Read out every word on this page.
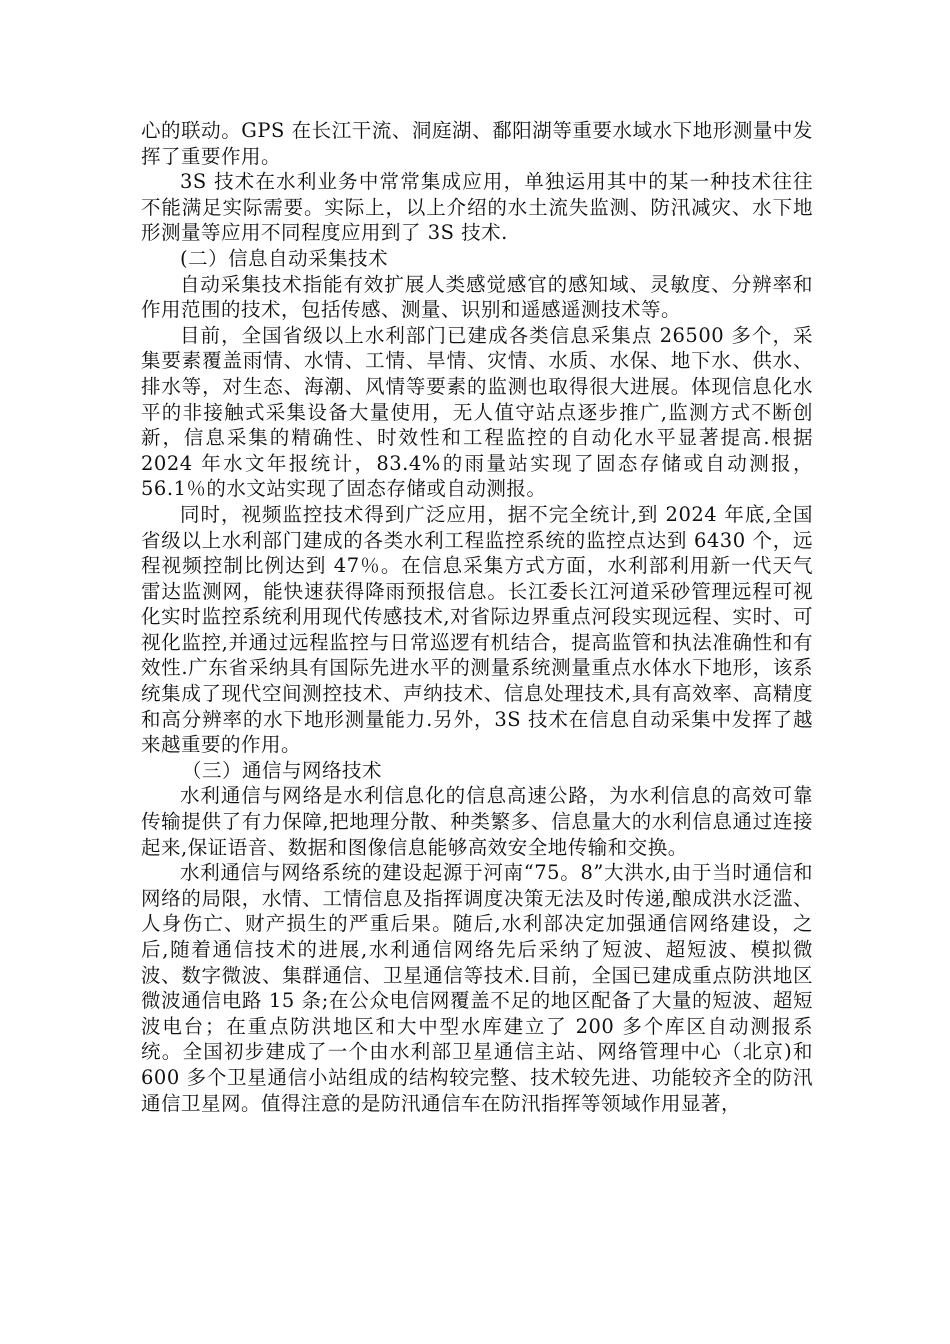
心的联动。GPS 在长江干流、洞庭湖、鄱阳湖等重要水域水下地形测量中发挥了重要作用。

3S 技术在水利业务中常常集成应用，单独运用其中的某一种技术往往不能满足实际需要。实际上，以上介绍的水土流失监测、防汛减灾、水下地形测量等应用不同程度应用到了 3S 技术.

(二）信息自动采集技术

自动采集技术指能有效扩展人类感觉感官的感知域、灵敏度、分辨率和作用范围的技术，包括传感、测量、识别和遥感遥测技术等。

目前，全国省级以上水利部门已建成各类信息采集点 26500 多个，采集要素覆盖雨情、水情、工情、旱情、灾情、水质、水保、地下水、供水、排水等，对生态、海潮、风情等要素的监测也取得很大进展。体现信息化水平的非接触式采集设备大量使用，无人值守站点逐步推广,监测方式不断创新，信息采集的精确性、时效性和工程监控的自动化水平显著提高.根据 2024 年水文年报统计，83.4%的雨量站实现了固态存储或自动测报，56.1％的水文站实现了固态存储或自动测报。

同时，视频监控技术得到广泛应用，据不完全统计,到 2024 年底,全国省级以上水利部门建成的各类水利工程监控系统的监控点达到 6430 个，远程视频控制比例达到 47％。在信息采集方式方面，水利部利用新一代天气雷达监测网，能快速获得降雨预报信息。长江委长江河道采砂管理远程可视化实时监控系统利用现代传感技术,对省际边界重点河段实现远程、实时、可视化监控,并通过远程监控与日常巡逻有机结合，提高监管和执法准确性和有效性.广东省采纳具有国际先进水平的测量系统测量重点水体水下地形，该系统集成了现代空间测控技术、声纳技术、信息处理技术,具有高效率、高精度和高分辨率的水下地形测量能力.另外，3S 技术在信息自动采集中发挥了越来越重要的作用。

（三）通信与网络技术

水利通信与网络是水利信息化的信息高速公路，为水利信息的高效可靠传输提供了有力保障,把地理分散、种类繁多、信息量大的水利信息通过连接起来,保证语音、数据和图像信息能够高效安全地传输和交换。

水利通信与网络系统的建设起源于河南“75。8”大洪水,由于当时通信和网络的局限，水情、工情信息及指挥调度决策无法及时传递,酿成洪水泛滥、人身伤亡、财产损生的严重后果。随后,水利部决定加强通信网络建设，之后,随着通信技术的进展,水利通信网络先后采纳了短波、超短波、模拟微波、数字微波、集群通信、卫星通信等技术.目前，全国已建成重点防洪地区微波通信电路 15 条;在公众电信网覆盖不足的地区配备了大量的短波、超短波电台；在重点防洪地区和大中型水库建立了 200 多个库区自动测报系统。全国初步建成了一个由水利部卫星通信主站、网络管理中心（北京)和 600 多个卫星通信小站组成的结构较完整、技术较先进、功能较齐全的防汛通信卫星网。值得注意的是防汛通信车在防汛指挥等领域作用显著，
